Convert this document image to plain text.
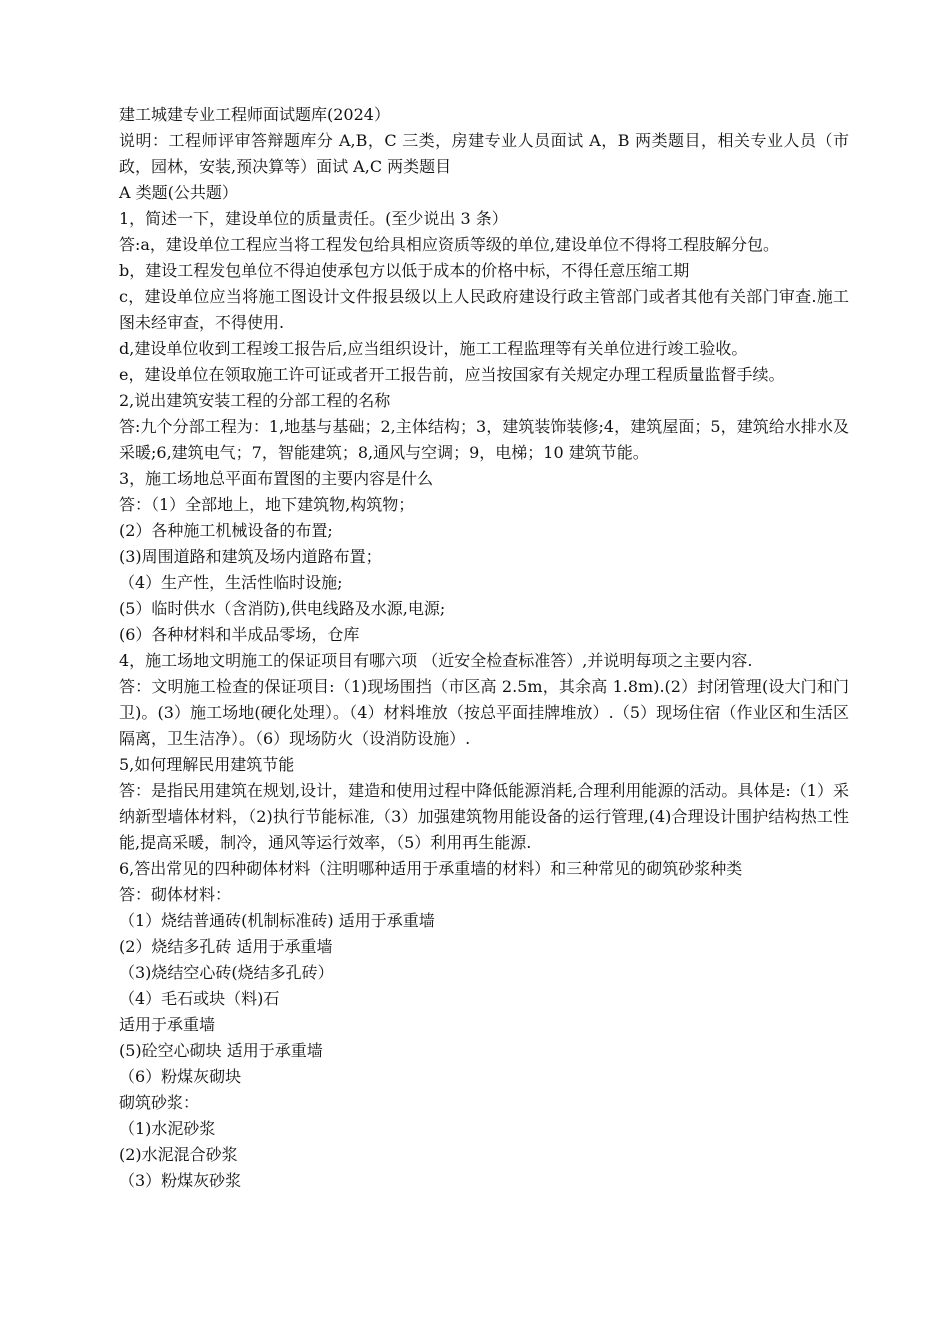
建工城建专业工程师面试题库(2024）

说明：工程师评审答辩题库分 A,B，C 三类，房建专业人员面试 A，B 两类题目，相关专业人员（市政，园林，安装,预决算等）面试 A,C 两类题目

A 类题(公共题）

1，简述一下，建设单位的质量责任。(至少说出 3 条）

答:a，建设单位工程应当将工程发包给具相应资质等级的单位,建设单位不得将工程肢解分包。

b，建设工程发包单位不得迫使承包方以低于成本的价格中标，不得任意压缩工期

c，建设单位应当将施工图设计文件报县级以上人民政府建设行政主管部门或者其他有关部门审查.施工图未经审查，不得使用.

d,建设单位收到工程竣工报告后,应当组织设计，施工工程监理等有关单位进行竣工验收。

e，建设单位在领取施工许可证或者开工报告前，应当按国家有关规定办理工程质量监督手续。

2,说出建筑安装工程的分部工程的名称

答:九个分部工程为：1,地基与基础；2,主体结构；3，建筑装饰装修;4，建筑屋面；5，建筑给水排水及采暖;6,建筑电气；7，智能建筑；8,通风与空调；9，电梯；10 建筑节能。

3，施工场地总平面布置图的主要内容是什么

答：（1）全部地上，地下建筑物,构筑物；

(2）各种施工机械设备的布置;

(3)周围道路和建筑及场内道路布置；

（4）生产性，生活性临时设施;

(5）临时供水（含消防),供电线路及水源,电源;

(6）各种材料和半成品零场，仓库

4，施工场地文明施工的保证项目有哪六项 （近安全检查标准答）,并说明每项之主要内容.

答：文明施工检查的保证项目:（1)现场围挡（市区高 2.5m，其余高 1.8m).(2）封闭管理(设大门和门卫)。(3）施工场地(硬化处理）。（4）材料堆放（按总平面挂牌堆放）.（5）现场住宿（作业区和生活区隔离，卫生洁净）。（6）现场防火（设消防设施）.

5,如何理解民用建筑节能

答：是指民用建筑在规划,设计，建造和使用过程中降低能源消耗,合理利用能源的活动。具体是:（1）采纳新型墙体材料，（2)执行节能标准,（3）加强建筑物用能设备的运行管理,(4)合理设计围护结构热工性能,提高采暖，制冷，通风等运行效率，（5）利用再生能源.

6,答出常见的四种砌体材料（注明哪种适用于承重墙的材料）和三种常见的砌筑砂浆种类

答：砌体材料：

（1）烧结普通砖(机制标准砖) 适用于承重墙

(2）烧结多孔砖 适用于承重墙

（3)烧结空心砖(烧结多孔砖）

（4）毛石或块（料)石

适用于承重墙

(5)砼空心砌块 适用于承重墙

（6）粉煤灰砌块

砌筑砂浆：

（1)水泥砂浆

(2)水泥混合砂浆

（3）粉煤灰砂浆
